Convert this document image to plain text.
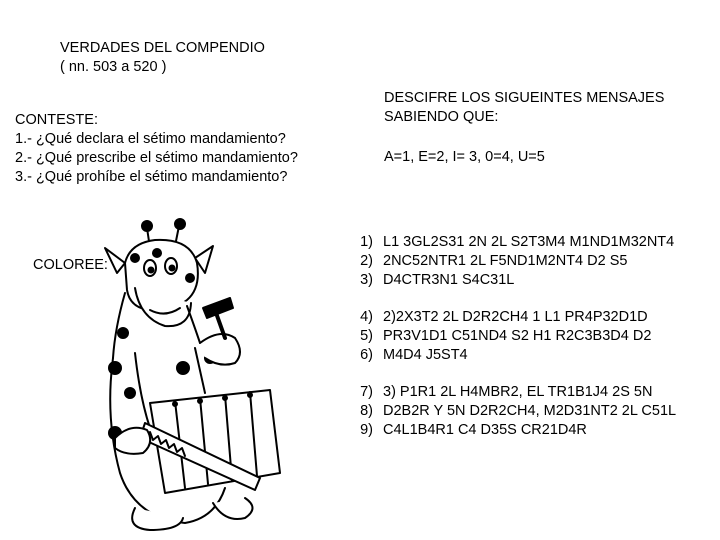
VERDADES DEL COMPENDIO
( nn. 503 a 520 )
CONTESTE:
1.- ¿Qué declara el sétimo mandamiento?
2.- ¿Qué prescribe el sétimo mandamiento?
3.- ¿Qué prohíbe el sétimo mandamiento?
DESCIFRE LOS SIGUEINTES MENSAJES
SABIENDO QUE:
A=1, E=2, I= 3, 0=4, U=5
COLOREE:
1) L1 3GL2S31 2N 2L S2T3M4 M1ND1M32NT4
2) 2NC52NTR1 2L F5ND1M2NT4 D2 S5
3) D4CTR3N1 S4C31L
4) 2)2X3T2 2L D2R2CH4 1 L1 PR4P32D1D
5) PR3V1D1 C51ND4 S2 H1 R2C3B3D4 D2
6) M4D4 J5ST4
7) 3) P1R1 2L H4MBR2, EL TR1B1J4 2S 5N
8) D2B2R Y 5N D2R2CH4, M2D31NT2 2L C51L
9) C4L1B4R1 C4 D35S CR21D4R
